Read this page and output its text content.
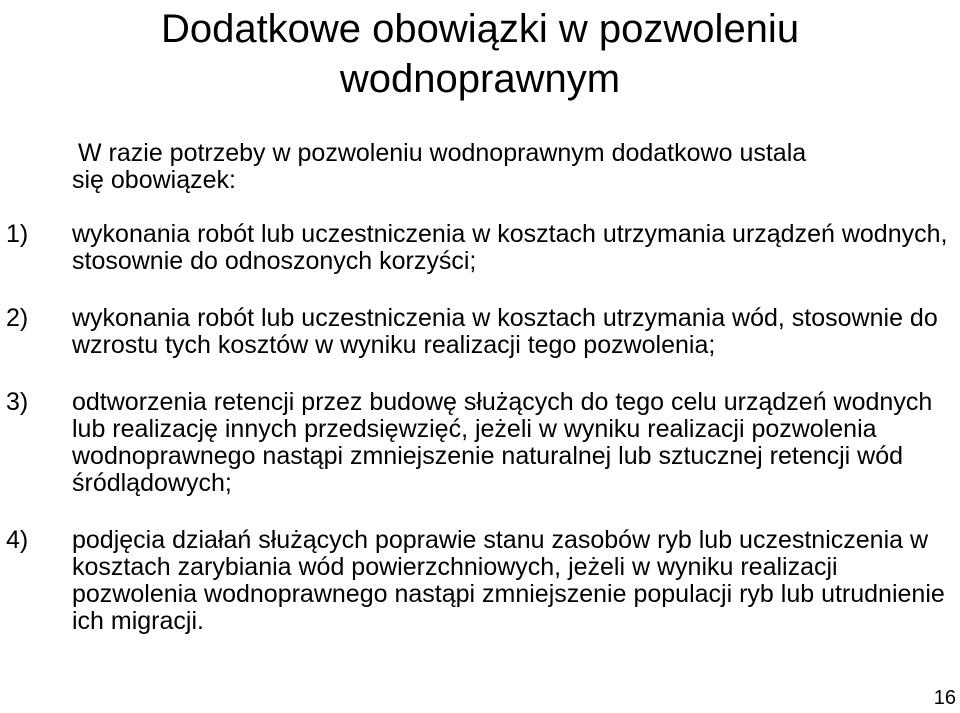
Dodatkowe obowiązki w pozwoleniu wodnoprawnym

W razie potrzeby w pozwoleniu wodnoprawnym dodatkowo ustala
się obowiązek:

1) wykonania robót lub uczestniczenia w kosztach utrzymania urządzeń wodnych, stosownie do odnoszonych korzyści;
2) wykonania robót lub uczestniczenia w kosztach utrzymania wód, stosownie do wzrostu tych kosztów w wyniku realizacji tego pozwolenia;
3) odtworzenia retencji przez budowę służących do tego celu urządzeń wodnych lub realizację innych przedsięwzięć, jeżeli w wyniku realizacji pozwolenia wodnoprawnego nastąpi zmniejszenie naturalnej lub sztucznej retencji wód śródlądowych;
4) podjęcia działań służących poprawie stanu zasobów ryb lub uczestniczenia w kosztach zarybiania wód powierzchniowych, jeżeli w wyniku realizacji pozwolenia wodnoprawnego nastąpi zmniejszenie populacji ryb lub utrudnienie ich migracji.
16
